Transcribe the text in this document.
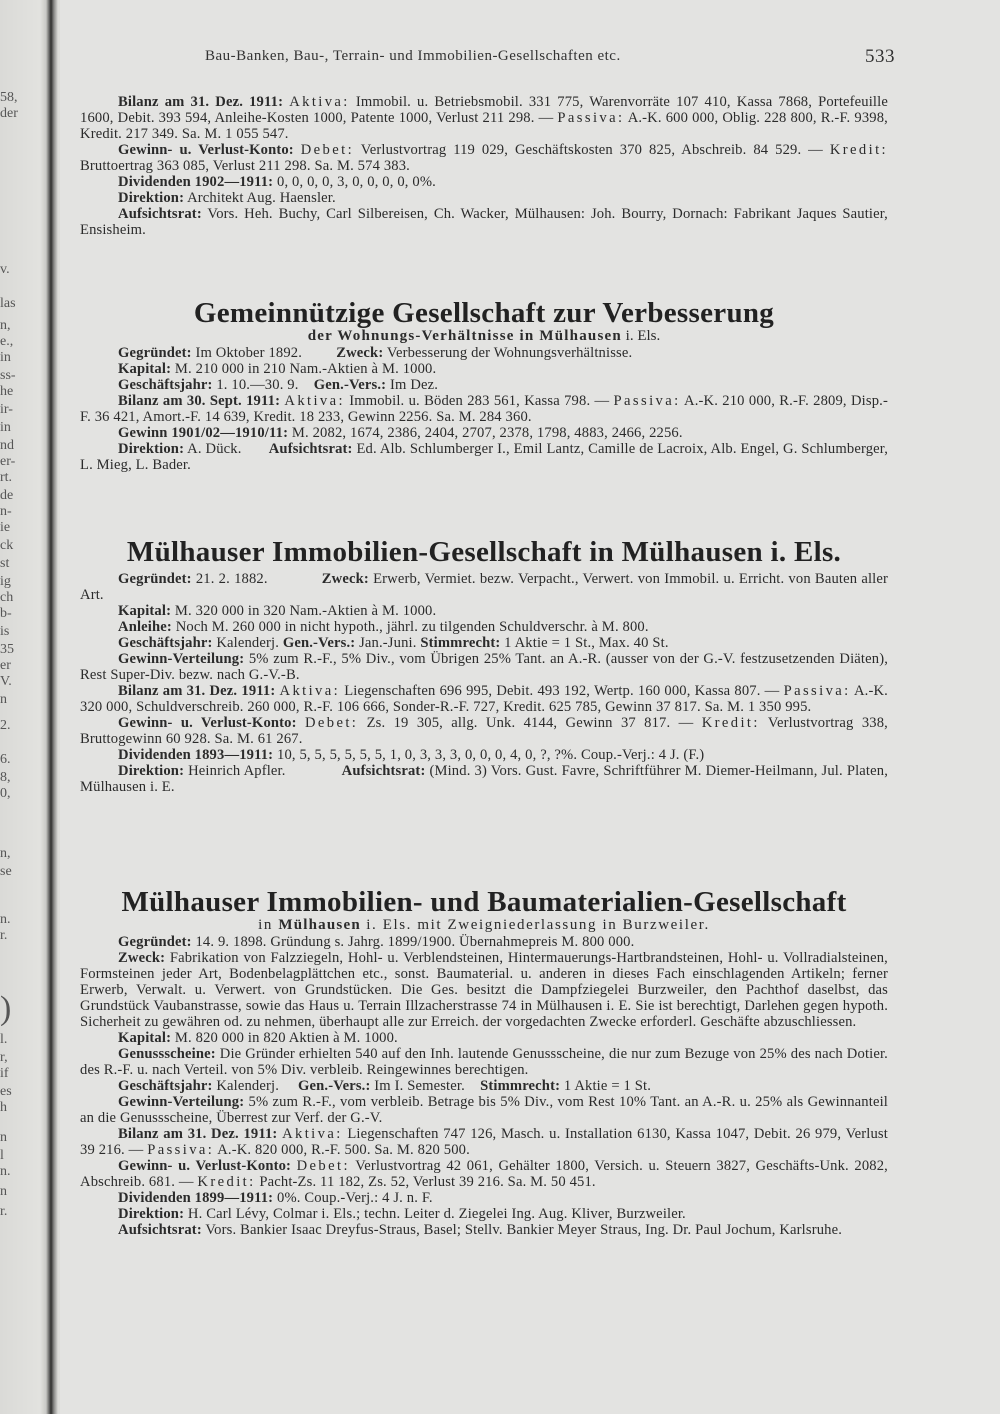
58,
der
v.
las
n,
e.,
in
ss-
he
ir-
in
nd
er-
rt.
de
n-
ie
ck
st
ig
ch
b-
is
35
er
V.
n
2.
6.
8,
0,
n,
se
n.
r.
)
l.
r,
if
es
h
n
l
n.
n
r.
Bau-Banken, Bau-, Terrain- und Immobilien-Gesellschaften etc.	533

Bilanz am 31. Dez. 1911: Aktiva: Immobil. u. Betriebsmobil. 331 775, Warenvorräte 107 410, Kassa 7868, Portefeuille 1600, Debit. 393 594, Anleihe-Kosten 1000, Patente 1000, Verlust 211 298. — Passiva: A.-K. 600 000, Oblig. 228 800, R.-F. 9398, Kredit. 217 349. Sa. M. 1 055 547.

Gewinn- u. Verlust-Konto: Debet: Verlustvortrag 119 029, Geschäftskosten 370 825, Abschreib. 84 529. — Kredit: Bruttoertrag 363 085, Verlust 211 298. Sa. M. 574 383.

Dividenden 1902—1911: 0, 0, 0, 0, 3, 0, 0, 0, 0, 0%.

Direktion: Architekt Aug. Haensler.

Aufsichtsrat: Vors. Heh. Buchy, Carl Silbereisen, Ch. Wacker, Mülhausen: Joh. Bourry, Dornach: Fabrikant Jaques Sautier, Ensisheim.

Gemeinnützige Gesellschaft zur Verbesserung
der Wohnungs-Verhältnisse in Mülhausen i. Els.

Gegründet: Im Oktober 1892. Zweck: Verbesserung der Wohnungsverhältnisse.

Kapital: M. 210 000 in 210 Nam.-Aktien à M. 1000.

Geschäftsjahr: 1. 10.—30. 9. Gen.-Vers.: Im Dez.

Bilanz am 30. Sept. 1911: Aktiva: Immobil. u. Böden 283 561, Kassa 798. — Passiva: A.-K. 210 000, R.-F. 2809, Disp.-F. 36 421, Amort.-F. 14 639, Kredit. 18 233, Gewinn 2256. Sa. M. 284 360.

Gewinn 1901/02—1910/11: M. 2082, 1674, 2386, 2404, 2707, 2378, 1798, 4883, 2466, 2256.

Direktion: A. Dück. Aufsichtsrat: Ed. Alb. Schlumberger I., Emil Lantz, Camille de Lacroix, Alb. Engel, G. Schlumberger, L. Mieg, L. Bader.

Mülhauser Immobilien-Gesellschaft in Mülhausen i. Els.

Gegründet: 21. 2. 1882.	Zweck: Erwerb, Vermiet. bezw. Verpacht., Verwert. von Immobil. u. Erricht. von Bauten aller Art.

Kapital: M. 320 000 in 320 Nam.-Aktien à M. 1000.

Anleihe: Noch M. 260 000 in nicht hypoth., jährl. zu tilgenden Schuldverschr. à M. 800.

Geschäftsjahr: Kalenderj. Gen.-Vers.: Jan.-Juni. Stimmrecht: 1 Aktie = 1 St., Max. 40 St.

Gewinn-Verteilung: 5% zum R.-F., 5% Div., vom Übrigen 25% Tant. an A.-R. (ausser von der G.-V. festzusetzenden Diäten), Rest Super-Div. bezw. nach G.-V.-B.

Bilanz am 31. Dez. 1911: Aktiva: Liegenschaften 696 995, Debit. 493 192, Wertp. 160 000, Kassa 807. — Passiva: A.-K. 320 000, Schuldverschreib. 260 000, R.-F. 106 666, Sonder-R.-F. 727, Kredit. 625 785, Gewinn 37 817. Sa. M. 1 350 995.

Gewinn- u. Verlust-Konto: Debet: Zs. 19 305, allg. Unk. 4144, Gewinn 37 817. — Kredit: Verlustvortrag 338, Bruttogewinn 60 928. Sa. M. 61 267.

Dividenden 1893—1911: 10, 5, 5, 5, 5, 5, 5, 1, 0, 3, 3, 3, 0, 0, 0, 4, 0, ?, ?%. Coup.-Verj.: 4 J. (F.)

Direktion: Heinrich Apfler.	Aufsichtsrat: (Mind. 3) Vors. Gust. Favre, Schriftführer M. Diemer-Heilmann, Jul. Platen, Mülhausen i. E.

Mülhauser Immobilien- und Baumaterialien-Gesellschaft
in Mülhausen i. Els. mit Zweigniederlassung in Burzweiler.

Gegründet: 14. 9. 1898. Gründung s. Jahrg. 1899/1900. Übernahmepreis M. 800 000.

Zweck: Fabrikation von Falzziegeln, Hohl- u. Verblendsteinen, Hintermauerungs-Hartbrandsteinen, Hohl- u. Vollradialsteinen, Formsteinen jeder Art, Bodenbelagplättchen etc., sonst. Baumaterial. u. anderen in dieses Fach einschlagenden Artikeln; ferner Erwerb, Verwalt. u. Verwert. von Grundstücken. Die Ges. besitzt die Dampfziegelei Burzweiler, den Pachthof daselbst, das Grundstück Vaubanstrasse, sowie das Haus u. Terrain Illzacherstrasse 74 in Mülhausen i. E. Sie ist berechtigt, Darlehen gegen hypoth. Sicherheit zu gewähren od. zu nehmen, überhaupt alle zur Erreich. der vorgedachten Zwecke erforderl. Geschäfte abzuschliessen.

Kapital: M. 820 000 in 820 Aktien à M. 1000.

Genussscheine: Die Gründer erhielten 540 auf den Inh. lautende Genussscheine, die nur zum Bezuge von 25% des nach Dotier. des R.-F. u. nach Verteil. von 5% Div. verbleib. Reingewinnes berechtigen.

Geschäftsjahr: Kalenderj. Gen.-Vers.: Im I. Semester. Stimmrecht: 1 Aktie = 1 St.

Gewinn-Verteilung: 5% zum R.-F., vom verbleib. Betrage bis 5% Div., vom Rest 10% Tant. an A.-R. u. 25% als Gewinnanteil an die Genussscheine, Überrest zur Verf. der G.-V.

Bilanz am 31. Dez. 1911: Aktiva: Liegenschaften 747 126, Masch. u. Installation 6130, Kassa 1047, Debit. 26 979, Verlust 39 216. — Passiva: A.-K. 820 000, R.-F. 500. Sa. M. 820 500.

Gewinn- u. Verlust-Konto: Debet: Verlustvortrag 42 061, Gehälter 1800, Versich. u. Steuern 3827, Geschäfts-Unk. 2082, Abschreib. 681. — Kredit: Pacht-Zs. 11 182, Zs. 52, Verlust 39 216. Sa. M. 50 451.

Dividenden 1899—1911: 0%. Coup.-Verj.: 4 J. n. F.

Direktion: H. Carl Lévy, Colmar i. Els.; techn. Leiter d. Ziegelei Ing. Aug. Kliver, Burzweiler.

Aufsichtsrat: Vors. Bankier Isaac Dreyfus-Straus, Basel; Stellv. Bankier Meyer Straus, Ing. Dr. Paul Jochum, Karlsruhe.
